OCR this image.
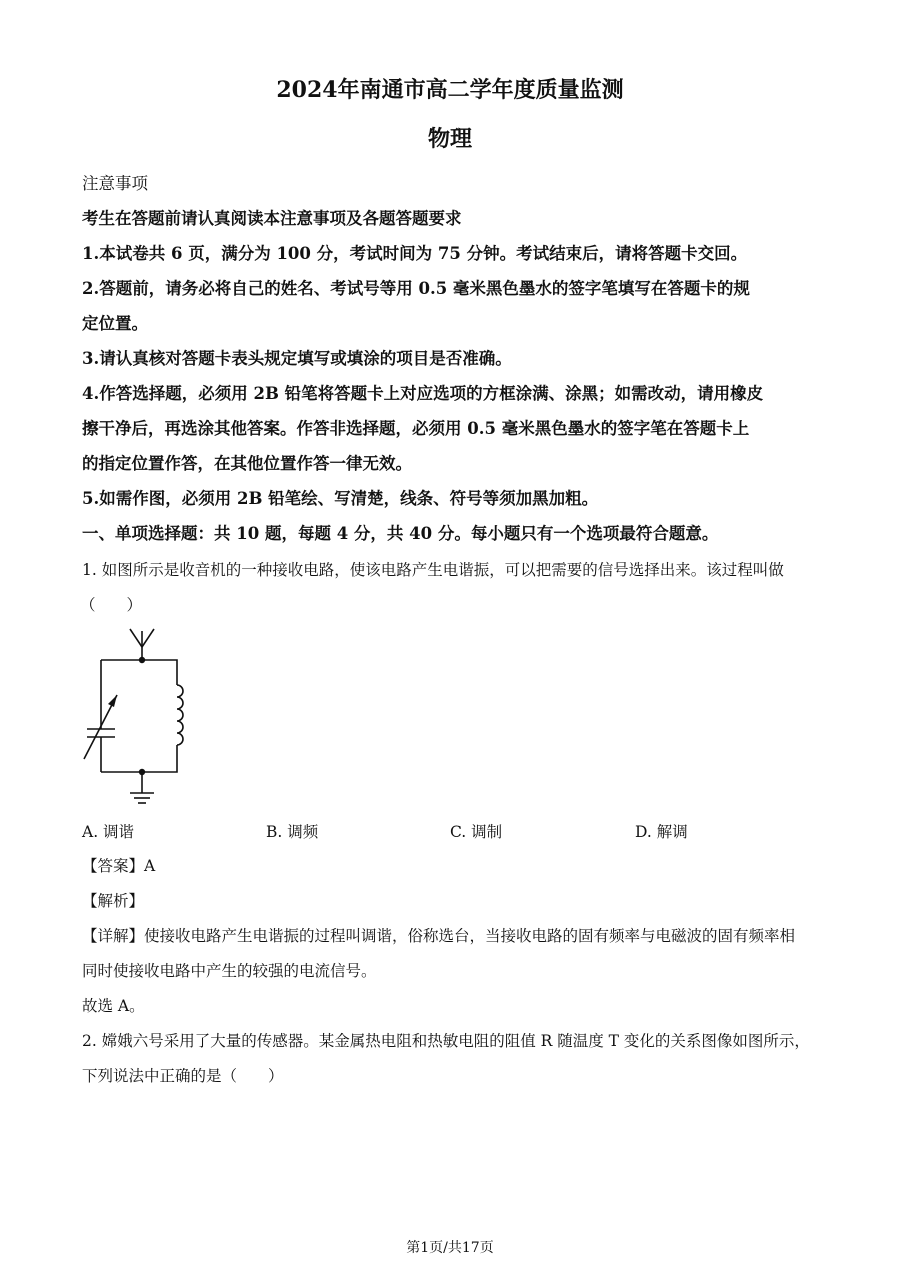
2024年南通市高二学年度质量监测
物理
注意事项
考生在答题前请认真阅读本注意事项及各题答题要求
1.本试卷共 6 页，满分为 100 分，考试时间为 75 分钟。考试结束后，请将答题卡交回。
2.答题前，请务必将自己的姓名、考试号等用 0.5 毫米黑色墨水的签字笔填写在答题卡的规
定位置。
3.请认真核对答题卡表头规定填写或填涂的项目是否准确。
4.作答选择题，必须用 2B 铅笔将答题卡上对应选项的方框涂满、涂黑；如需改动，请用橡皮
擦干净后，再选涂其他答案。作答非选择题，必须用 0.5 毫米黑色墨水的签字笔在答题卡上
的指定位置作答，在其他位置作答一律无效。
5.如需作图，必须用 2B 铅笔绘、写清楚，线条、符号等须加黑加粗。
一、单项选择题：共 10 题，每题 4 分，共 40 分。每小题只有一个选项最符合题意。
1. 如图所示是收音机的一种接收电路，使该电路产生电谐振，可以把需要的信号选择出来。该过程叫做
（　　）
A. 调谐	B. 调频	C. 调制	D. 解调
【答案】A
【解析】
【详解】使接收电路产生电谐振的过程叫调谐，俗称选台，当接收电路的固有频率与电磁波的固有频率相
同时使接收电路中产生的较强的电流信号。
故选 A。
2. 嫦娥六号采用了大量的传感器。某金属热电阻和热敏电阻的阻值 R 随温度 T 变化的关系图像如图所示，
下列说法中正确的是（　　）
第1页/共17页
